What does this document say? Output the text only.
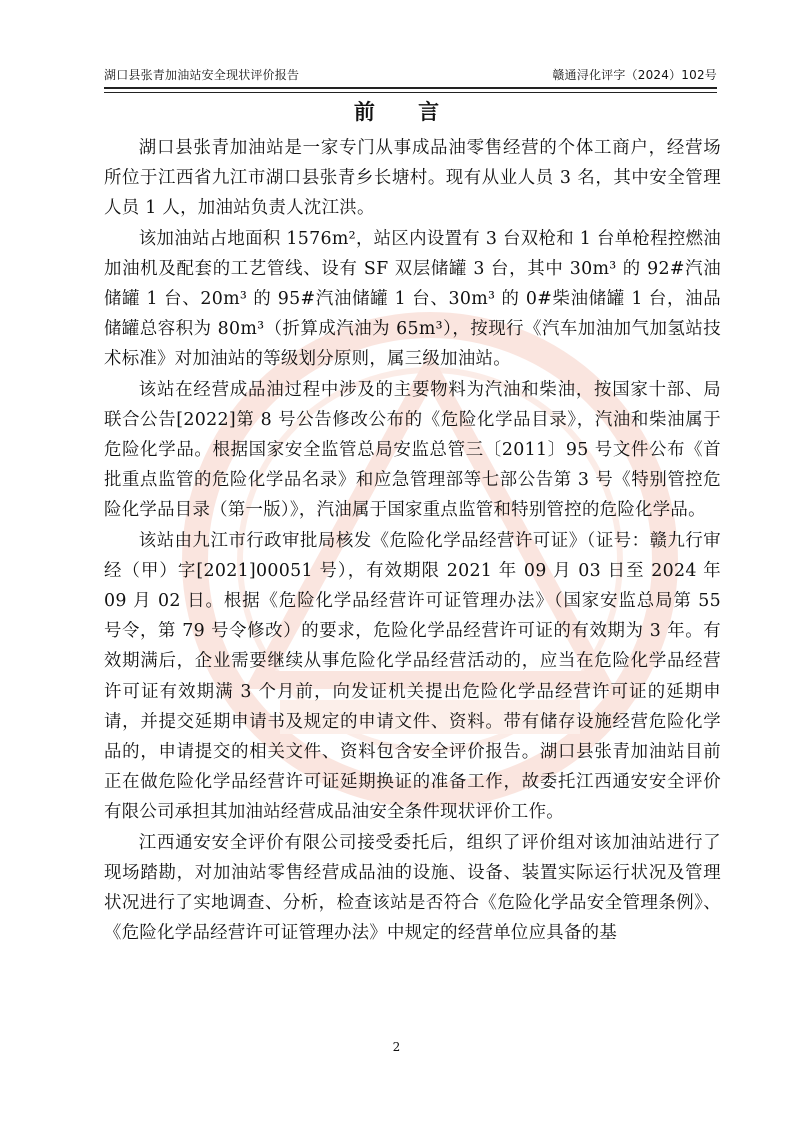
湖口县张青加油站安全现状评价报告	赣通浔化评字（2024）102号
前 言

湖口县张青加油站是一家专门从事成品油零售经营的个体工商户，经营场所位于江西省九江市湖口县张青乡长塘村。现有从业人员 3 名，其中安全管理人员 1 人，加油站负责人沈江洪。

该加油站占地面积 1576m²，站区内设置有 3 台双枪和 1 台单枪程控燃油加油机及配套的工艺管线、设有 SF 双层储罐 3 台，其中 30m³ 的 92#汽油储罐 1 台、20m³ 的 95#汽油储罐 1 台、30m³ 的 0#柴油储罐 1 台，油品储罐总容积为 80m³（折算成汽油为 65m³），按现行《汽车加油加气加氢站技术标准》对加油站的等级划分原则，属三级加油站。

该站在经营成品油过程中涉及的主要物料为汽油和柴油，按国家十部、局联合公告[2022]第 8 号公告修改公布的《危险化学品目录》，汽油和柴油属于危险化学品。根据国家安全监管总局安监总管三〔2011〕95 号文件公布《首批重点监管的危险化学品名录》和应急管理部等七部公告第 3 号《特别管控危险化学品目录（第一版）》，汽油属于国家重点监管和特别管控的危险化学品。

该站由九江市行政审批局核发《危险化学品经营许可证》（证号：赣九行审经（甲）字[2021]00051 号），有效期限 2021 年 09 月 03 日至 2024 年 09 月 02 日。根据《危险化学品经营许可证管理办法》（国家安监总局第 55 号令，第 79 号令修改）的要求，危险化学品经营许可证的有效期为 3 年。有效期满后，企业需要继续从事危险化学品经营活动的，应当在危险化学品经营许可证有效期满 3 个月前，向发证机关提出危险化学品经营许可证的延期申请，并提交延期申请书及规定的申请文件、资料。带有储存设施经营危险化学品的，申请提交的相关文件、资料包含安全评价报告。湖口县张青加油站目前正在做危险化学品经营许可证延期换证的准备工作，故委托江西通安安全评价有限公司承担其加油站经营成品油安全条件现状评价工作。

江西通安安全评价有限公司接受委托后，组织了评价组对该加油站进行了现场踏勘，对加油站零售经营成品油的设施、设备、装置实际运行状况及管理状况进行了实地调查、分析，检查该站是否符合《危险化学品安全管理条例》、《危险化学品经营许可证管理办法》中规定的经营单位应具备的基

2
